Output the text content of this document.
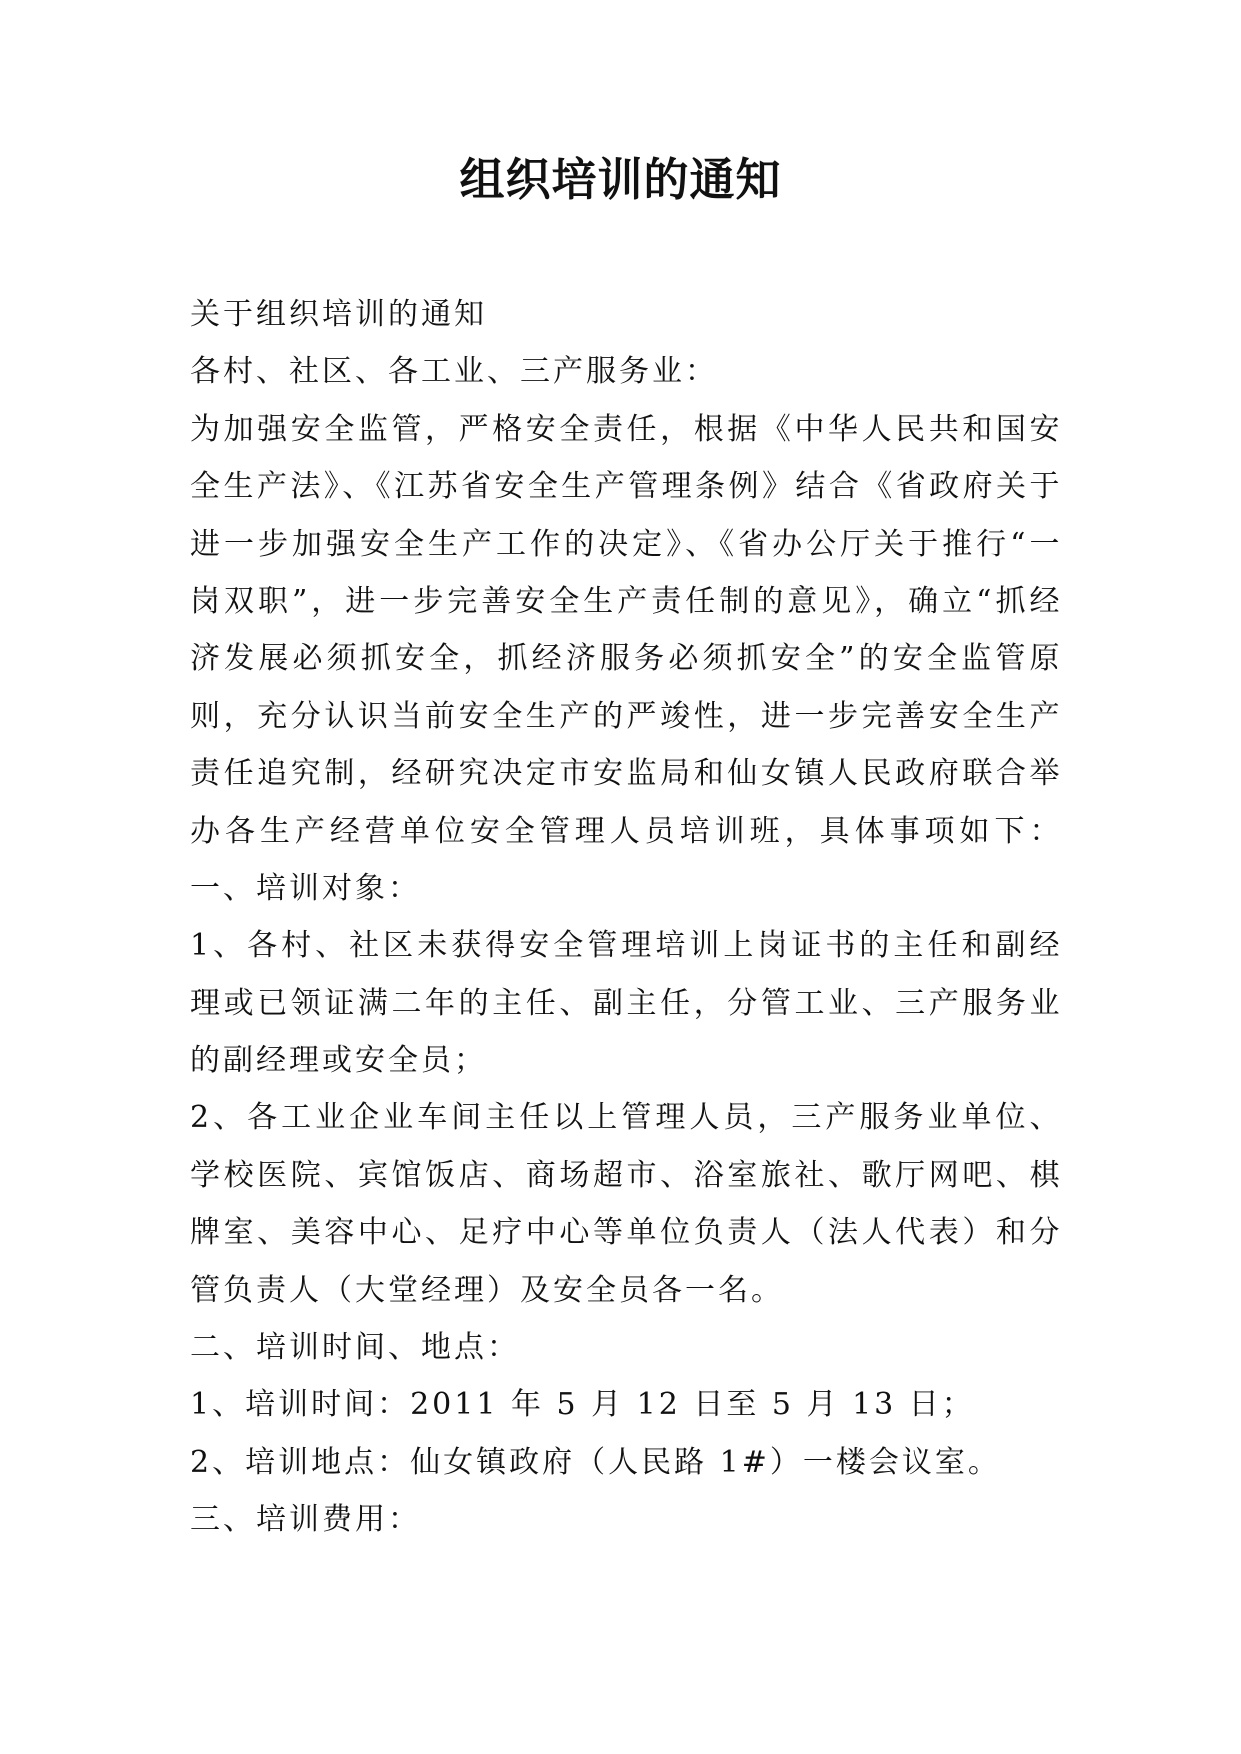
组织培训的通知
关于组织培训的通知
各村、社区、各工业、三产服务业：
为加强安全监管，严格安全责任，根据《中华人民共和国安
全生产法》、《江苏省安全生产管理条例》结合《省政府关于
进一步加强安全生产工作的决定》、《省办公厅关于推行“一
岗双职”，进一步完善安全生产责任制的意见》，确立“抓经
济发展必须抓安全，抓经济服务必须抓安全”的安全监管原
则，充分认识当前安全生产的严竣性，进一步完善安全生产
责任追究制，经研究决定市安监局和仙女镇人民政府联合举
办各生产经营单位安全管理人员培训班，具体事项如下：
一、培训对象：
1、各村、社区未获得安全管理培训上岗证书的主任和副经
理或已领证满二年的主任、副主任，分管工业、三产服务业
的副经理或安全员；
2、各工业企业车间主任以上管理人员，三产服务业单位、
学校医院、宾馆饭店、商场超市、浴室旅社、歌厅网吧、棋
牌室、美容中心、足疗中心等单位负责人（法人代表）和分
管负责人（大堂经理）及安全员各一名。
二、培训时间、地点：
1、培训时间：2011 年 5 月 12 日至 5 月 13 日；
2、培训地点：仙女镇政府（人民路 1#）一楼会议室。
三、培训费用：
